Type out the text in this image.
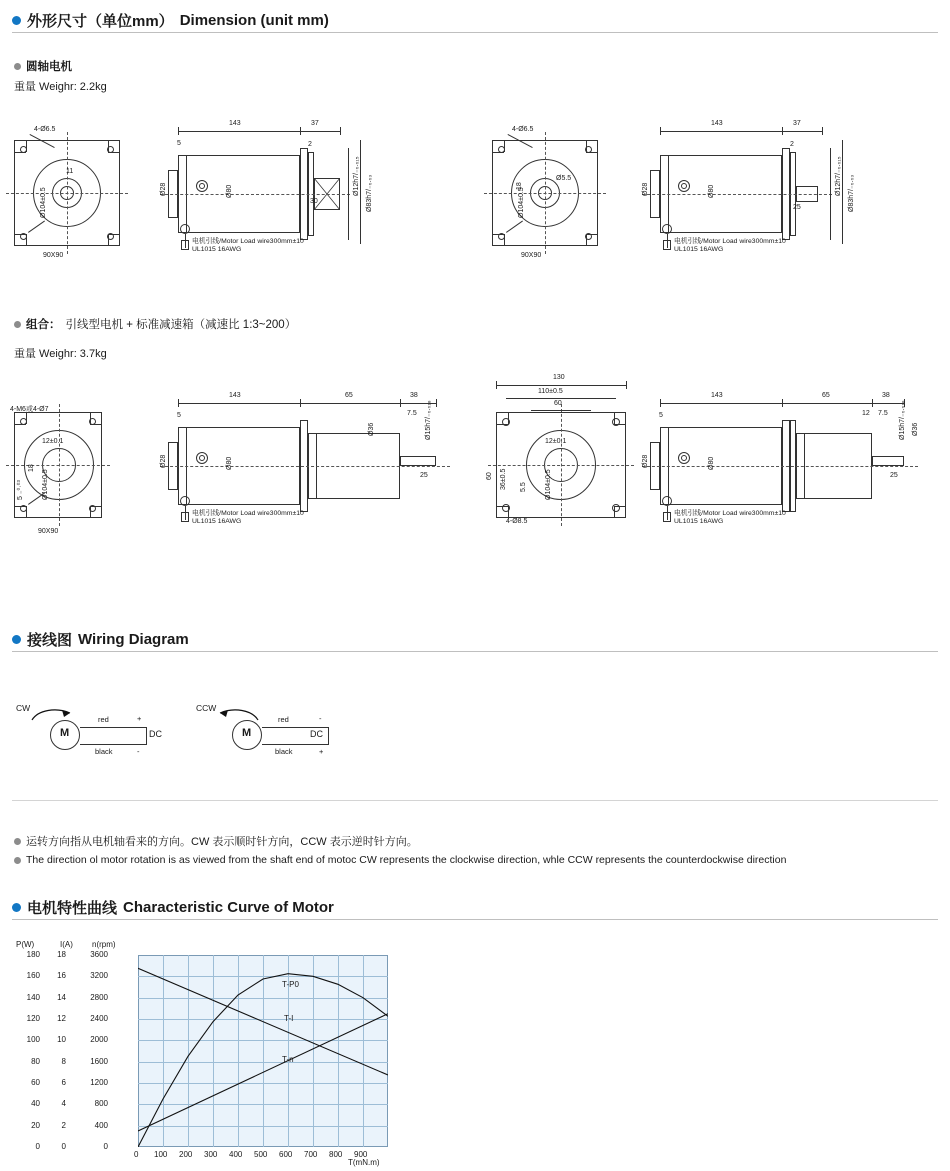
外形尺寸（单位mm） Dimension (unit mm)
圆轴电机
重量 Weighr: 2.2kg
4-Ø6.5
11
Ø104±0.5
90X90
143	37
5	2
Ø28	Ø80
30
Ø12h7/₋₀.₀₁₅ Ø83h7/₋₀.₀₃
电机引线/Motor Load wire300mm±10
UL1015 16AWG
4-Ø6.5
Ø5.5
18
Ø104±0.5
90X90
143	37
2
Ø28	Ø80
25
Ø12h7/₋₀.₀₁₅ Ø83h7/₋₀.₀₃
电机引线/Motor Load wire300mm±10
UL1015 16AWG
组合： 引线型电机 + 标准减速箱（减速比 1:3~200）
重量 Weighr: 3.7kg
4-M6或4-Ø7
12±0.1
18
5 ₋⁰·⁰³	Ø104±0.5
90X90
143	65	38
7.5
5
Ø28	Ø80
Ø36
25
Ø15h7/₋₀.₀₁₈
电机引线/Motor Load wire300mm±10
UL1015 16AWG
130
110±0.5
60
60 36±0.5 5.5	Ø104±0.5
12±0.1
4-Ø8.5
143	65	38
12 7.5
5
Ø28	Ø80
Ø36
25
Ø15h7/₋₀.₀₁₈
电机引线/Motor Load wire300mm±10
UL1015 16AWG
接线图 Wiring Diagram
CW
M
red
black
+
-
DC
CCW
M
red
black
-
+
DC
运转方向指从电机轴看来的方向。CW 表示顺时针方向，CCW 表示逆时针方向。
The direction ol motor rotation is as viewed from the shaft end of motoc CW represents the clockwise direction, whle CCW represents the counterdockwise direction
电机特性曲线 Characteristic Curve of Motor
P(W)	I(A) n(rpm)
180	18	3600
160	16	3200
140	14	2800
120	12	2400
100	10	2000
80	8	1600
60	6	1200
40	4	800
20	2	400
0	0	0
T-P0
T-I
T-n
100 200 300 400 500 600 700 800 900
0
T(mN.m)
